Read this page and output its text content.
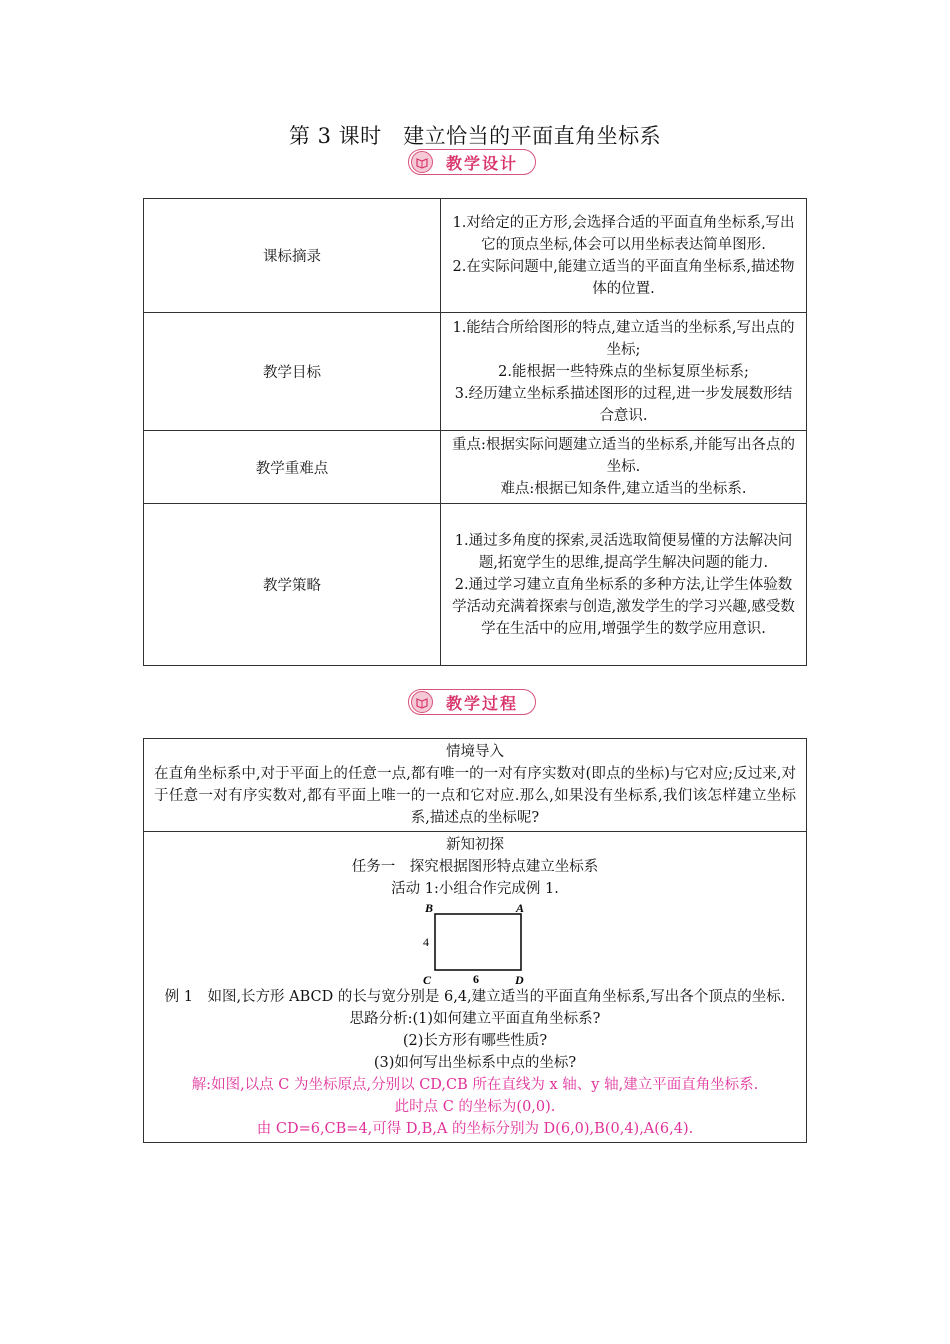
第 3 课时　建立恰当的平面直角坐标系
教学设计
课标摘录	1.对给定的正方形,会选择合适的平面直角坐标系,写出它的顶点坐标,体会可以用坐标表达简单图形.

2.在实际问题中,能建立适当的平面直角坐标系,描述物体的位置.

教学目标	1.能结合所给图形的特点,建立适当的坐标系,写出点的坐标;

2.能根据一些特殊点的坐标复原坐标系;

3.经历建立坐标系描述图形的过程,进一步发展数形结合意识.

教学重难点	重点:根据实际问题建立适当的坐标系,并能写出各点的坐标.

难点:根据已知条件,建立适当的坐标系.

教学策略	1.通过多角度的探索,灵活选取简便易懂的方法解决问题,拓宽学生的思维,提高学生解决问题的能力.

2.通过学习建立直角坐标系的多种方法,让学生体验数学活动充满着探索与创造,激发学生的学习兴趣,感受数学在生活中的应用,增强学生的数学应用意识.

教学过程

情境导入

在直角坐标系中,对于平面上的任意一点,都有唯一的一对有序实数对(即点的坐标)与它对应;反过来,对于任意一对有序实数对,都有平面上唯一的一点和它对应.那么,如果没有坐标系,我们该怎样建立坐标系,描述点的坐标呢?

新知初探

任务一　探究根据图形特点建立坐标系

活动 1:小组合作完成例 1.

B	A
C	D
4
6

例 1　如图,长方形 ABCD 的长与宽分别是 6,4,建立适当的平面直角坐标系,写出各个顶点的坐标.

思路分析:(1)如何建立平面直角坐标系?

(2)长方形有哪些性质?

(3)如何写出坐标系中点的坐标?

解:如图,以点 C 为坐标原点,分别以 CD,CB 所在直线为 x 轴、y 轴,建立平面直角坐标系.

此时点 C 的坐标为(0,0).

由 CD=6,CB=4,可得 D,B,A 的坐标分别为 D(6,0),B(0,4),A(6,4).
